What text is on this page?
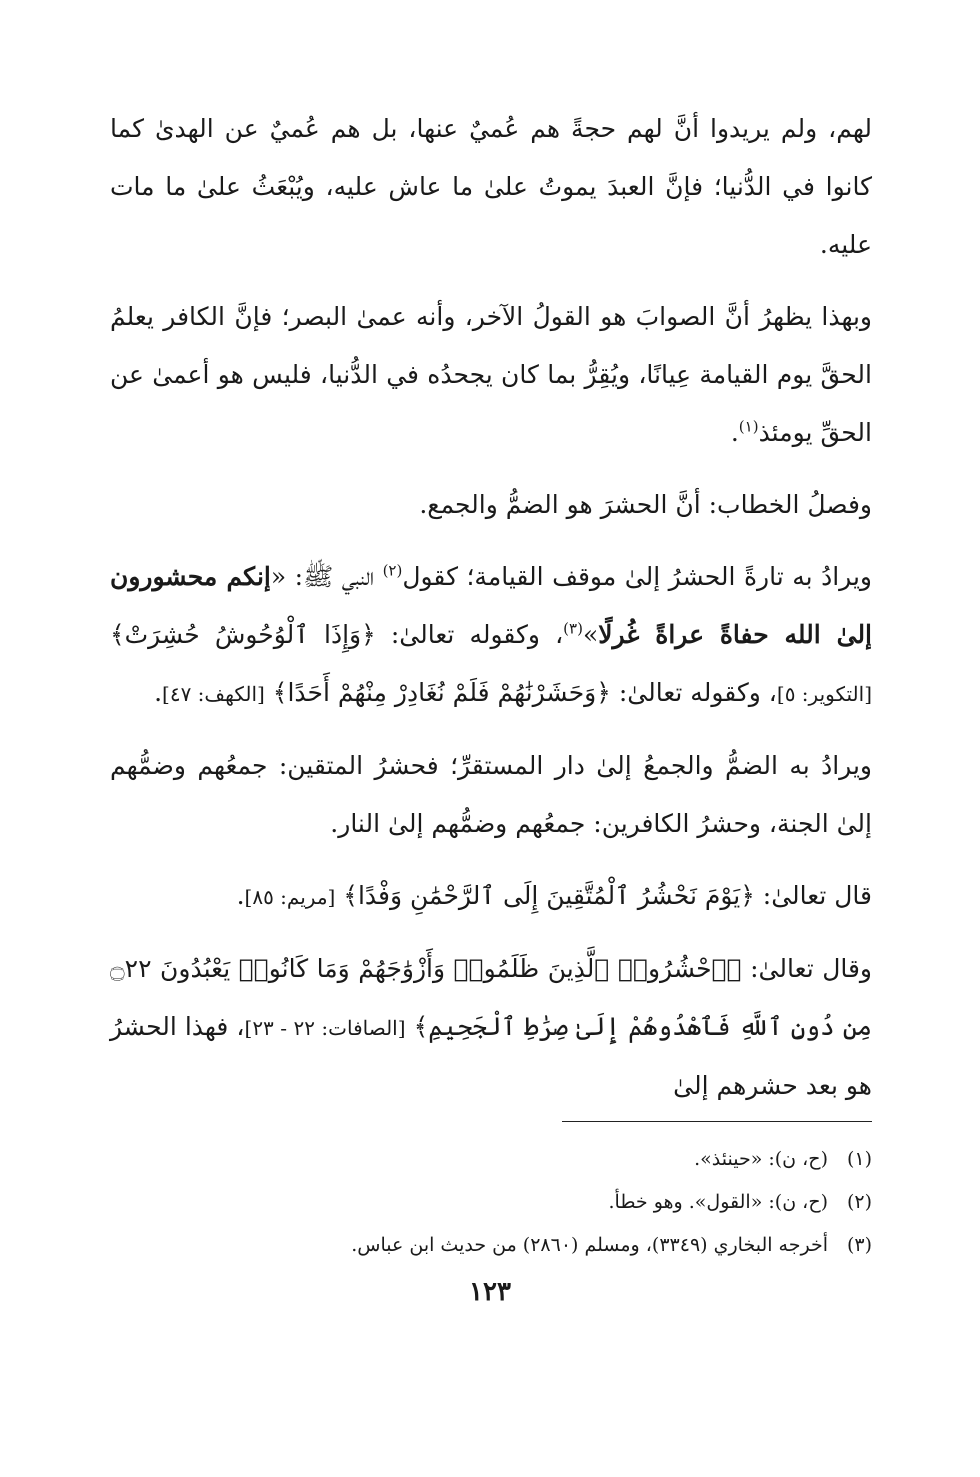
لهم، ولم يريدوا أنَّ لهم حجةً هم عُميٌ عنها، بل هم عُميٌ عن الهدىٰ كما كانوا في الدُّنيا؛ فإنَّ العبدَ يموتُ علىٰ ما عاش عليه، ويُبْعَثُ علىٰ ما مات عليه.

وبهذا يظهرُ أنَّ الصوابَ هو القولُ الآخر، وأنه عمىٰ البصر؛ فإنَّ الكافر يعلمُ الحقَّ يوم القيامة عِيانًا، ويُقِرُّ بما كان يجحدُه في الدُّنيا، فليس هو أعمىٰ عن الحقِّ يومئذ$^{(١)}$.

وفصلُ الخطاب: أنَّ الحشرَ هو الضمُّ والجمع.

ويرادُ به تارةً الحشرُ إلىٰ موقف القيامة؛ كقول$^{(٢)}$ النبي ﷺ: «إنكم محشورون إلىٰ الله حفاةً عراةً غُرلًا»$^{(٣)}$، وكقوله تعالىٰ: ﴿وَإِذَا ٱلْوُحُوشُ حُشِرَتْ﴾ [التكوير: ٥]، وكقوله تعالىٰ: ﴿وَحَشَرْنَٰهُمْ فَلَمْ نُغَادِرْ مِنْهُمْ أَحَدًا﴾ [الكهف: ٤٧].

ويرادُ به الضمُّ والجمعُ إلىٰ دار المستقرِّ؛ فحشرُ المتقين: جمعُهم وضمُّهم إلىٰ الجنة، وحشرُ الكافرين: جمعُهم وضمُّهم إلىٰ النار.

قال تعالىٰ: ﴿يَوْمَ نَحْشُرُ ٱلْمُتَّقِينَ إِلَى ٱلرَّحْمَٰنِ وَفْدًا﴾ [مريم: ٨٥].

وقال تعالىٰ: ﴿ٱحْشُرُوا۟ ٱلَّذِينَ ظَلَمُوا۟ وَأَزْوَٰجَهُمْ وَمَا كَانُوا۟ يَعْبُدُونَ ۝٢٢ مِن دُونِ ٱللَّهِ فَٱهْدُوهُمْ إِلَىٰ صِرَٰطِ ٱلْجَحِيمِ﴾ [الصافات: ٢٢ - ٢٣]، فهذا الحشرُ هو بعد حشرهم إلىٰ

(١)(ح، ن): «حينئذ».
(٢)(ح، ن): «القول». وهو خطأ.
(٣)أخرجه البخاري (٣٣٤٩)، ومسلم (٢٨٦٠) من حديث ابن عباس.
١٢٣
